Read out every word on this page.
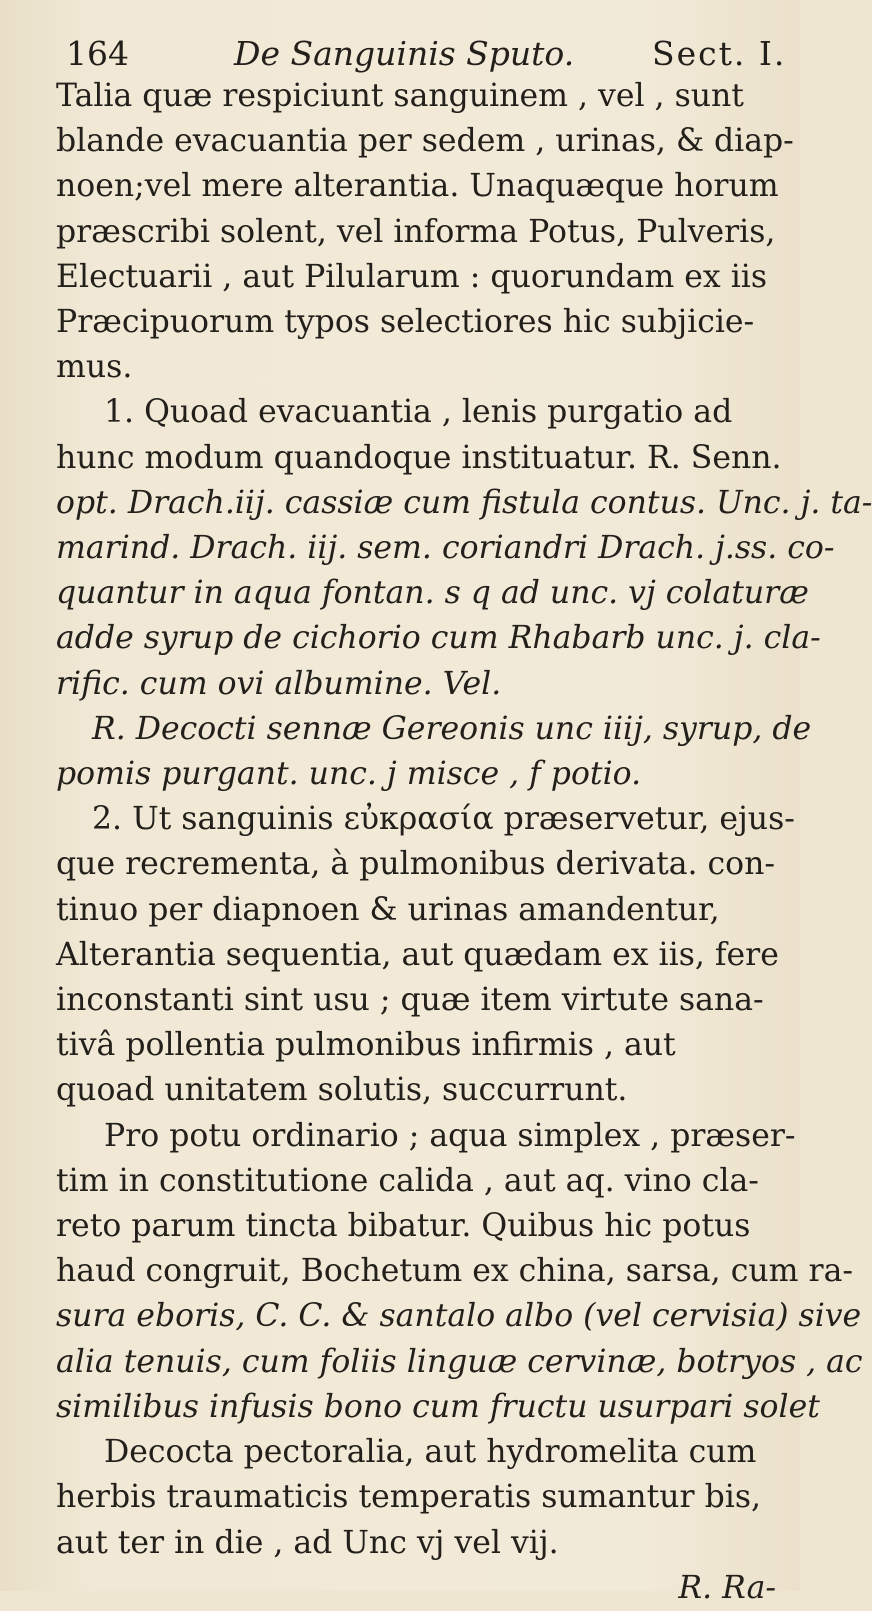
164	De Sanguinis Sputo. Sect. I.
Talia quæ respiciunt sanguinem , vel , sunt
blande evacuantia per sedem , urinas, & diap-
noen;vel mere alterantia. Unaquæque horum
præscribi solent, vel informa Potus, Pulveris,
Electuarii , aut Pilularum : quorundam ex iis
Præcipuorum typos selectiores hic subjicie-
mus.
1. Quoad evacuantia , lenis purgatio ad
hunc modum quandoque instituatur. R. Senn.
opt. Drach.iij. cassiæ cum fistula contus. Unc. j. ta-
marind. Drach. iij. sem. coriandri Drach. j.ss. co-
quantur in aqua fontan. s q ad unc. vj colaturæ
adde syrup de cichorio cum Rhabarb unc. j. cla-
rific. cum ovi albumine. Vel.
R. Decocti sennæ Gereonis unc iiij, syrup, de
pomis purgant. unc. j misce , f potio.
2. Ut sanguinis εὐκρασία præservetur, ejus-
que recrementa, à pulmonibus derivata. con-
tinuo per diapnoen & urinas amandentur,
Alterantia sequentia, aut quædam ex iis, fere
inconstanti sint usu ; quæ item virtute sana-
tivâ pollentia pulmonibus infirmis , aut
quoad unitatem solutis, succurrunt.
Pro potu ordinario ; aqua simplex , præser-
tim in constitutione calida , aut aq. vino cla-
reto parum tincta bibatur. Quibus hic potus
haud congruit, Bochetum ex china, sarsa, cum ra-
sura eboris, C. C. & santalo albo (vel cervisia) sive
alia tenuis, cum foliis linguæ cervinæ, botryos , ac
similibus infusis bono cum fructu usurpari solet
Decocta pectoralia, aut hydromelita cum
herbis traumaticis temperatis sumantur bis,
aut ter in die , ad Unc vj vel vij.
R. Ra-
